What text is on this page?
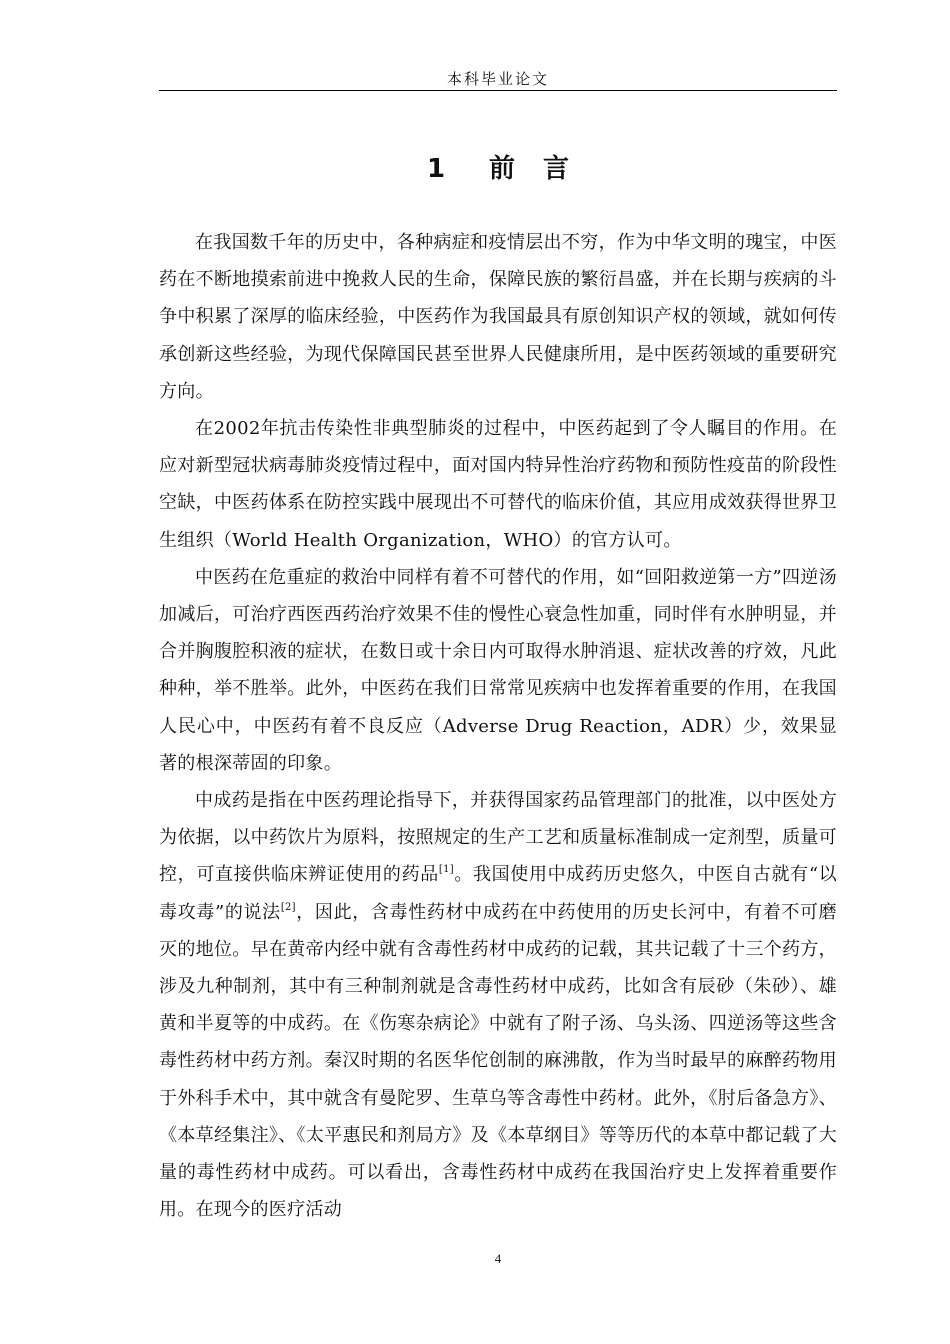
本科毕业论文
1 前 言

在我国数千年的历史中，各种病症和疫情层出不穷，作为中华文明的瑰宝，中医药在不断地摸索前进中挽救人民的生命，保障民族的繁衍昌盛，并在长期与疾病的斗争中积累了深厚的临床经验，中医药作为我国最具有原创知识产权的领域，就如何传承创新这些经验，为现代保障国民甚至世界人民健康所用，是中医药领域的重要研究方向。

在2002年抗击传染性非典型肺炎的过程中，中医药起到了令人瞩目的作用。在应对新型冠状病毒肺炎疫情过程中，面对国内特异性治疗药物和预防性疫苗的阶段性空缺，中医药体系在防控实践中展现出不可替代的临床价值，其应用成效获得世界卫生组织（World Health Organization，WHO）的官方认可。

中医药在危重症的救治中同样有着不可替代的作用，如“回阳救逆第一方”四逆汤加减后，可治疗西医西药治疗效果不佳的慢性心衰急性加重，同时伴有水肿明显，并合并胸腹腔积液的症状，在数日或十余日内可取得水肿消退、症状改善的疗效，凡此种种，举不胜举。此外，中医药在我们日常常见疾病中也发挥着重要的作用，在我国人民心中，中医药有着不良反应（Adverse Drug Reaction，ADR）少，效果显著的根深蒂固的印象。

中成药是指在中医药理论指导下，并获得国家药品管理部门的批准，以中医处方为依据，以中药饮片为原料，按照规定的生产工艺和质量标准制成一定剂型，质量可控，可直接供临床辨证使用的药品[1]。我国使用中成药历史悠久，中医自古就有“以毒攻毒”的说法[2]，因此，含毒性药材中成药在中药使用的历史长河中，有着不可磨灭的地位。早在黄帝内经中就有含毒性药材中成药的记载，其共记载了十三个药方，涉及九种制剂，其中有三种制剂就是含毒性药材中成药，比如含有辰砂（朱砂）、雄黄和半夏等的中成药。在《伤寒杂病论》中就有了附子汤、乌头汤、四逆汤等这些含毒性药材中药方剂。秦汉时期的名医华佗创制的麻沸散，作为当时最早的麻醉药物用于外科手术中，其中就含有曼陀罗、生草乌等含毒性中药材。此外，《肘后备急方》、《本草经集注》、《太平惠民和剂局方》及《本草纲目》等等历代的本草中都记载了大量的毒性药材中成药。可以看出，含毒性药材中成药在我国治疗史上发挥着重要作用。在现今的医疗活动

4
